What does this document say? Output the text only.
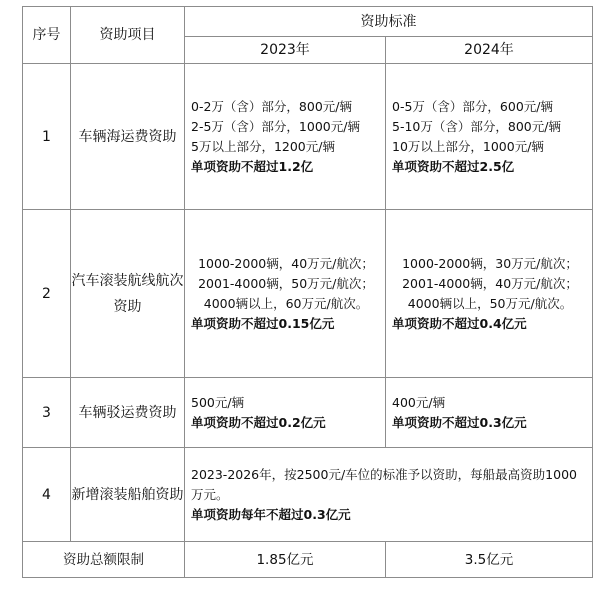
序号	资助项目	资助标准	
		2023年	2024年
1	车辆海运费资助	0-2万（含）部分，800元/辆
2-5万（含）部分，1000元/辆
5万以上部分，1200元/辆
单项资助不超过1.2亿	0-5万（含）部分，600元/辆
5-10万（含）部分，800元/辆
10万以上部分，1000元/辆
单项资助不超过2.5亿

2	汽车滚装航线航次资助	1000-2000辆，40万元/航次；
2001-4000辆，50万元/航次；4000辆以上，60万元/航次。
单项资助不超过0.15亿元	1000-2000辆，30万元/航次；
2001-4000辆，40万元/航次；4000辆以上，50万元/航次。
单项资助不超过0.4亿元

3	车辆驳运费资助	500元/辆
单项资助不超过0.2亿元	400元/辆
单项资助不超过0.3亿元

4	新增滚装船舶资助	2023-2026年，按2500元/车位的标准予以资助，每船最高资助1000万元。
单项资助每年不超过0.3亿元	

资助总额限制		1.85亿元	3.5亿元
